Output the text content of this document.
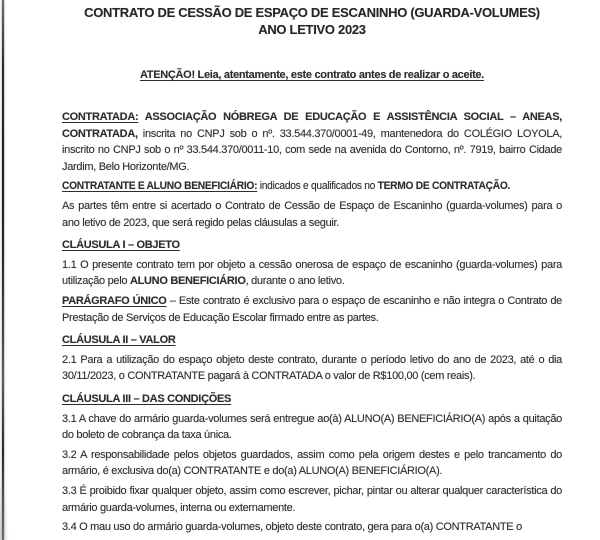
CONTRATO DE CESSÃO DE ESPAÇO DE ESCANINHO (GUARDA-VOLUMES)
ANO LETIVO 2023

ATENÇÃO! Leia, atentamente, este contrato antes de realizar o aceite.

CONTRATADA: ASSOCIAÇÃO NÓBREGA DE EDUCAÇÃO E ASSISTÊNCIA SOCIAL – ANEAS, CONTRATADA, inscrita no CNPJ sob o nº. 33.544.370/0001-49, mantenedora do COLÉGIO LOYOLA, inscrito no CNPJ sob o nº 33.544.370/0011-10, com sede na avenida do Contorno, nº. 7919, bairro Cidade Jardim, Belo Horizonte/MG.

CONTRATANTE E ALUNO BENEFICIÁRIO: indicados e qualificados no TERMO DE CONTRATAÇÃO.

As partes têm entre si acertado o Contrato de Cessão de Espaço de Escaninho (guarda-volumes) para o ano letivo de 2023, que será regido pelas cláusulas a seguir.

CLÁUSULA I – OBJETO

1.1 O presente contrato tem por objeto a cessão onerosa de espaço de escaninho (guarda-volumes) para utilização pelo ALUNO BENEFICIÁRIO, durante o ano letivo.

PARÁGRAFO ÚNICO – Este contrato é exclusivo para o espaço de escaninho e não integra o Contrato de Prestação de Serviços de Educação Escolar firmado entre as partes.

CLÁUSULA II – VALOR

2.1 Para a utilização do espaço objeto deste contrato, durante o período letivo do ano de 2023, até o dia 30/11/2023, o CONTRATANTE pagará à CONTRATADA o valor de R$100,00 (cem reais).

CLÁUSULA III – DAS CONDIÇÕES

3.1 A chave do armário guarda-volumes será entregue ao(à) ALUNO(A) BENEFICIÁRIO(A) após a quitação do boleto de cobrança da taxa única.

3.2 A responsabilidade pelos objetos guardados, assim como pela origem destes e pelo trancamento do armário, é exclusiva do(a) CONTRATANTE e do(a) ALUNO(A) BENEFICIÁRIO(A).

3.3 É proibido fixar qualquer objeto, assim como escrever, pichar, pintar ou alterar qualquer característica do armário guarda-volumes, interna ou externamente.

3.4 O mau uso do armário guarda-volumes, objeto deste contrato, gera para o(a) CONTRATANTE o
